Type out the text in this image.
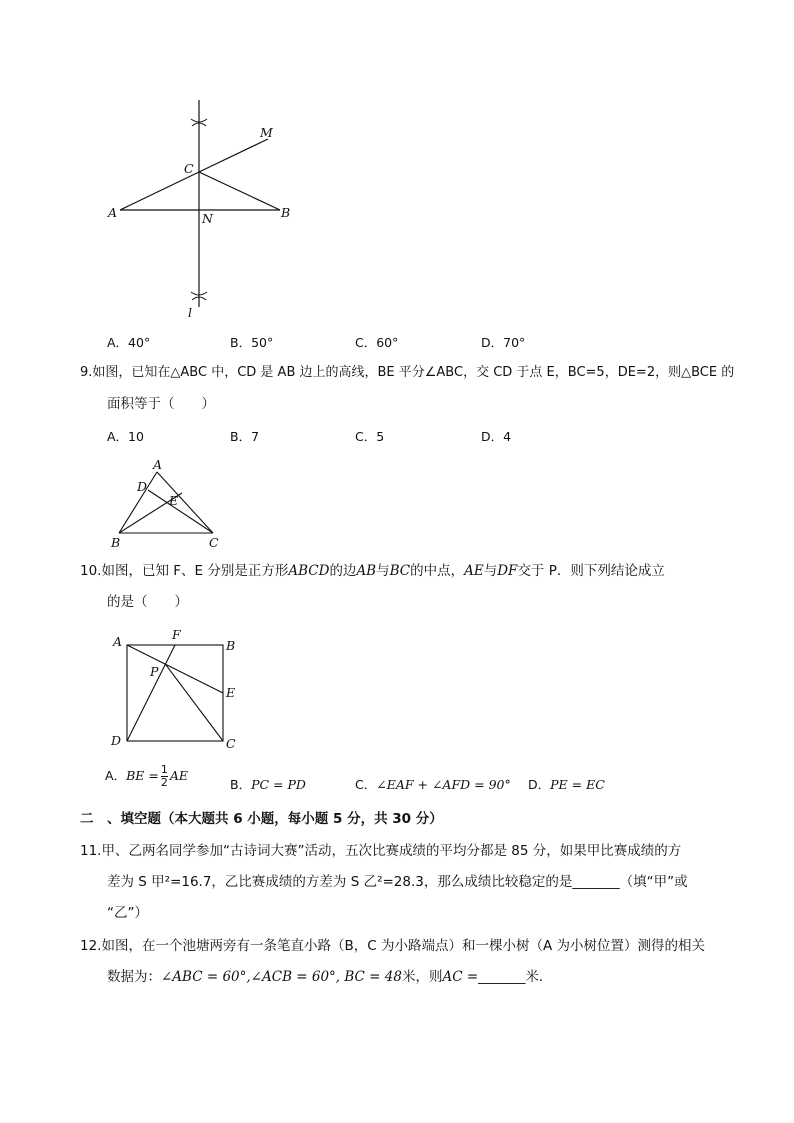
M
C
A	N	B
l
A．40°	B．50°	C．60°	D．70°
9.如图，已知在△ABC 中，CD 是 AB 边上的高线，BE 平分∠ABC，交 CD 于点 E，BC=5，DE=2，则△BCE 的
面积等于（　　）
A．10	B．7	C．5	D．4
A
D
E
B	C
10.如图，已知 F、E 分别是正方形ABCD的边AB与BC的中点，AE与DF交于 P．则下列结论成立
的是（　　）
A	F
B
P
E
D	C
A．BE = $\frac{1}{2}$ AE
B．PC = PD	C．∠EAF + ∠AFD = 90° D．PE = EC
二　、填空题（本大题共 6 小题，每小题 5 分，共 30 分）
11.甲、乙两名同学参加“古诗词大赛”活动，五次比赛成绩的平均分都是 85 分，如果甲比赛成绩的方
差为 S 甲²=16.7，乙比赛成绩的方差为 S 乙²=28.3，那么成绩比较稳定的是_______（填“甲”或
“乙”）
12.如图，在一个池塘两旁有一条笔直小路（B，C 为小路端点）和一棵小树（A 为小树位置）测得的相关
数据为：∠ABC = 60°,∠ACB = 60°, BC = 48米，则AC =_______米．
